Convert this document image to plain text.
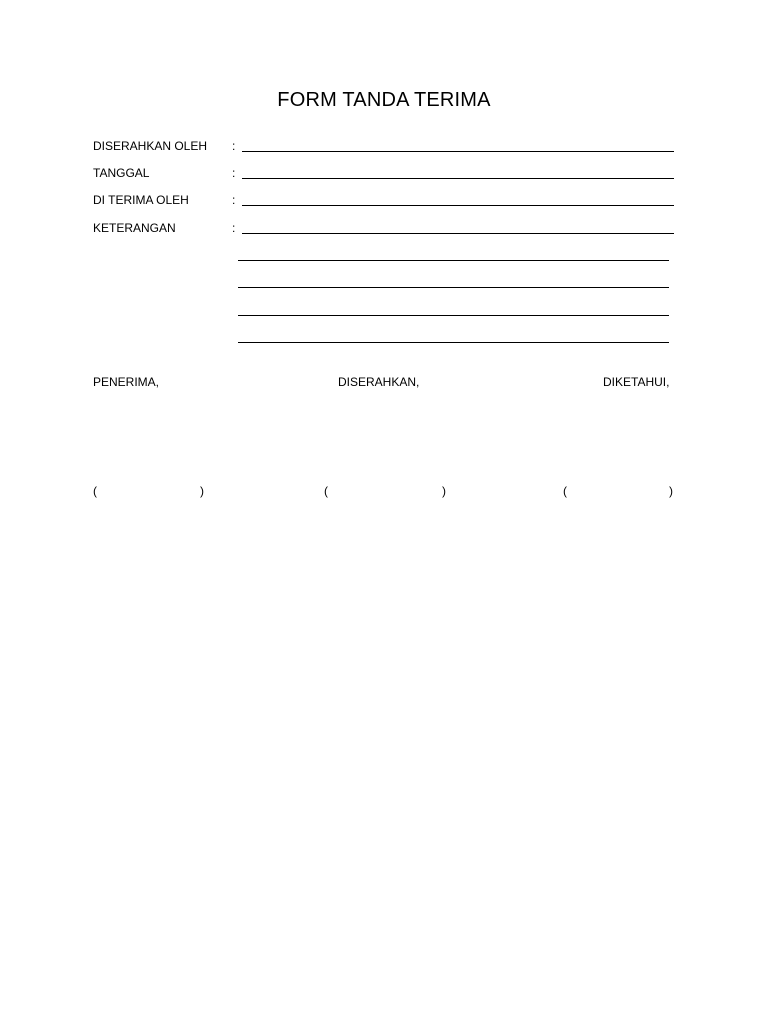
FORM TANDA TERIMA
DISERAHKAN OLEH :
TANGGAL	:
DI TERIMA OLEH	:
KETERANGAN	:
PENERIMA,	DISERAHKAN,	DIKETAHUI,
(	)	(	)	(	)
